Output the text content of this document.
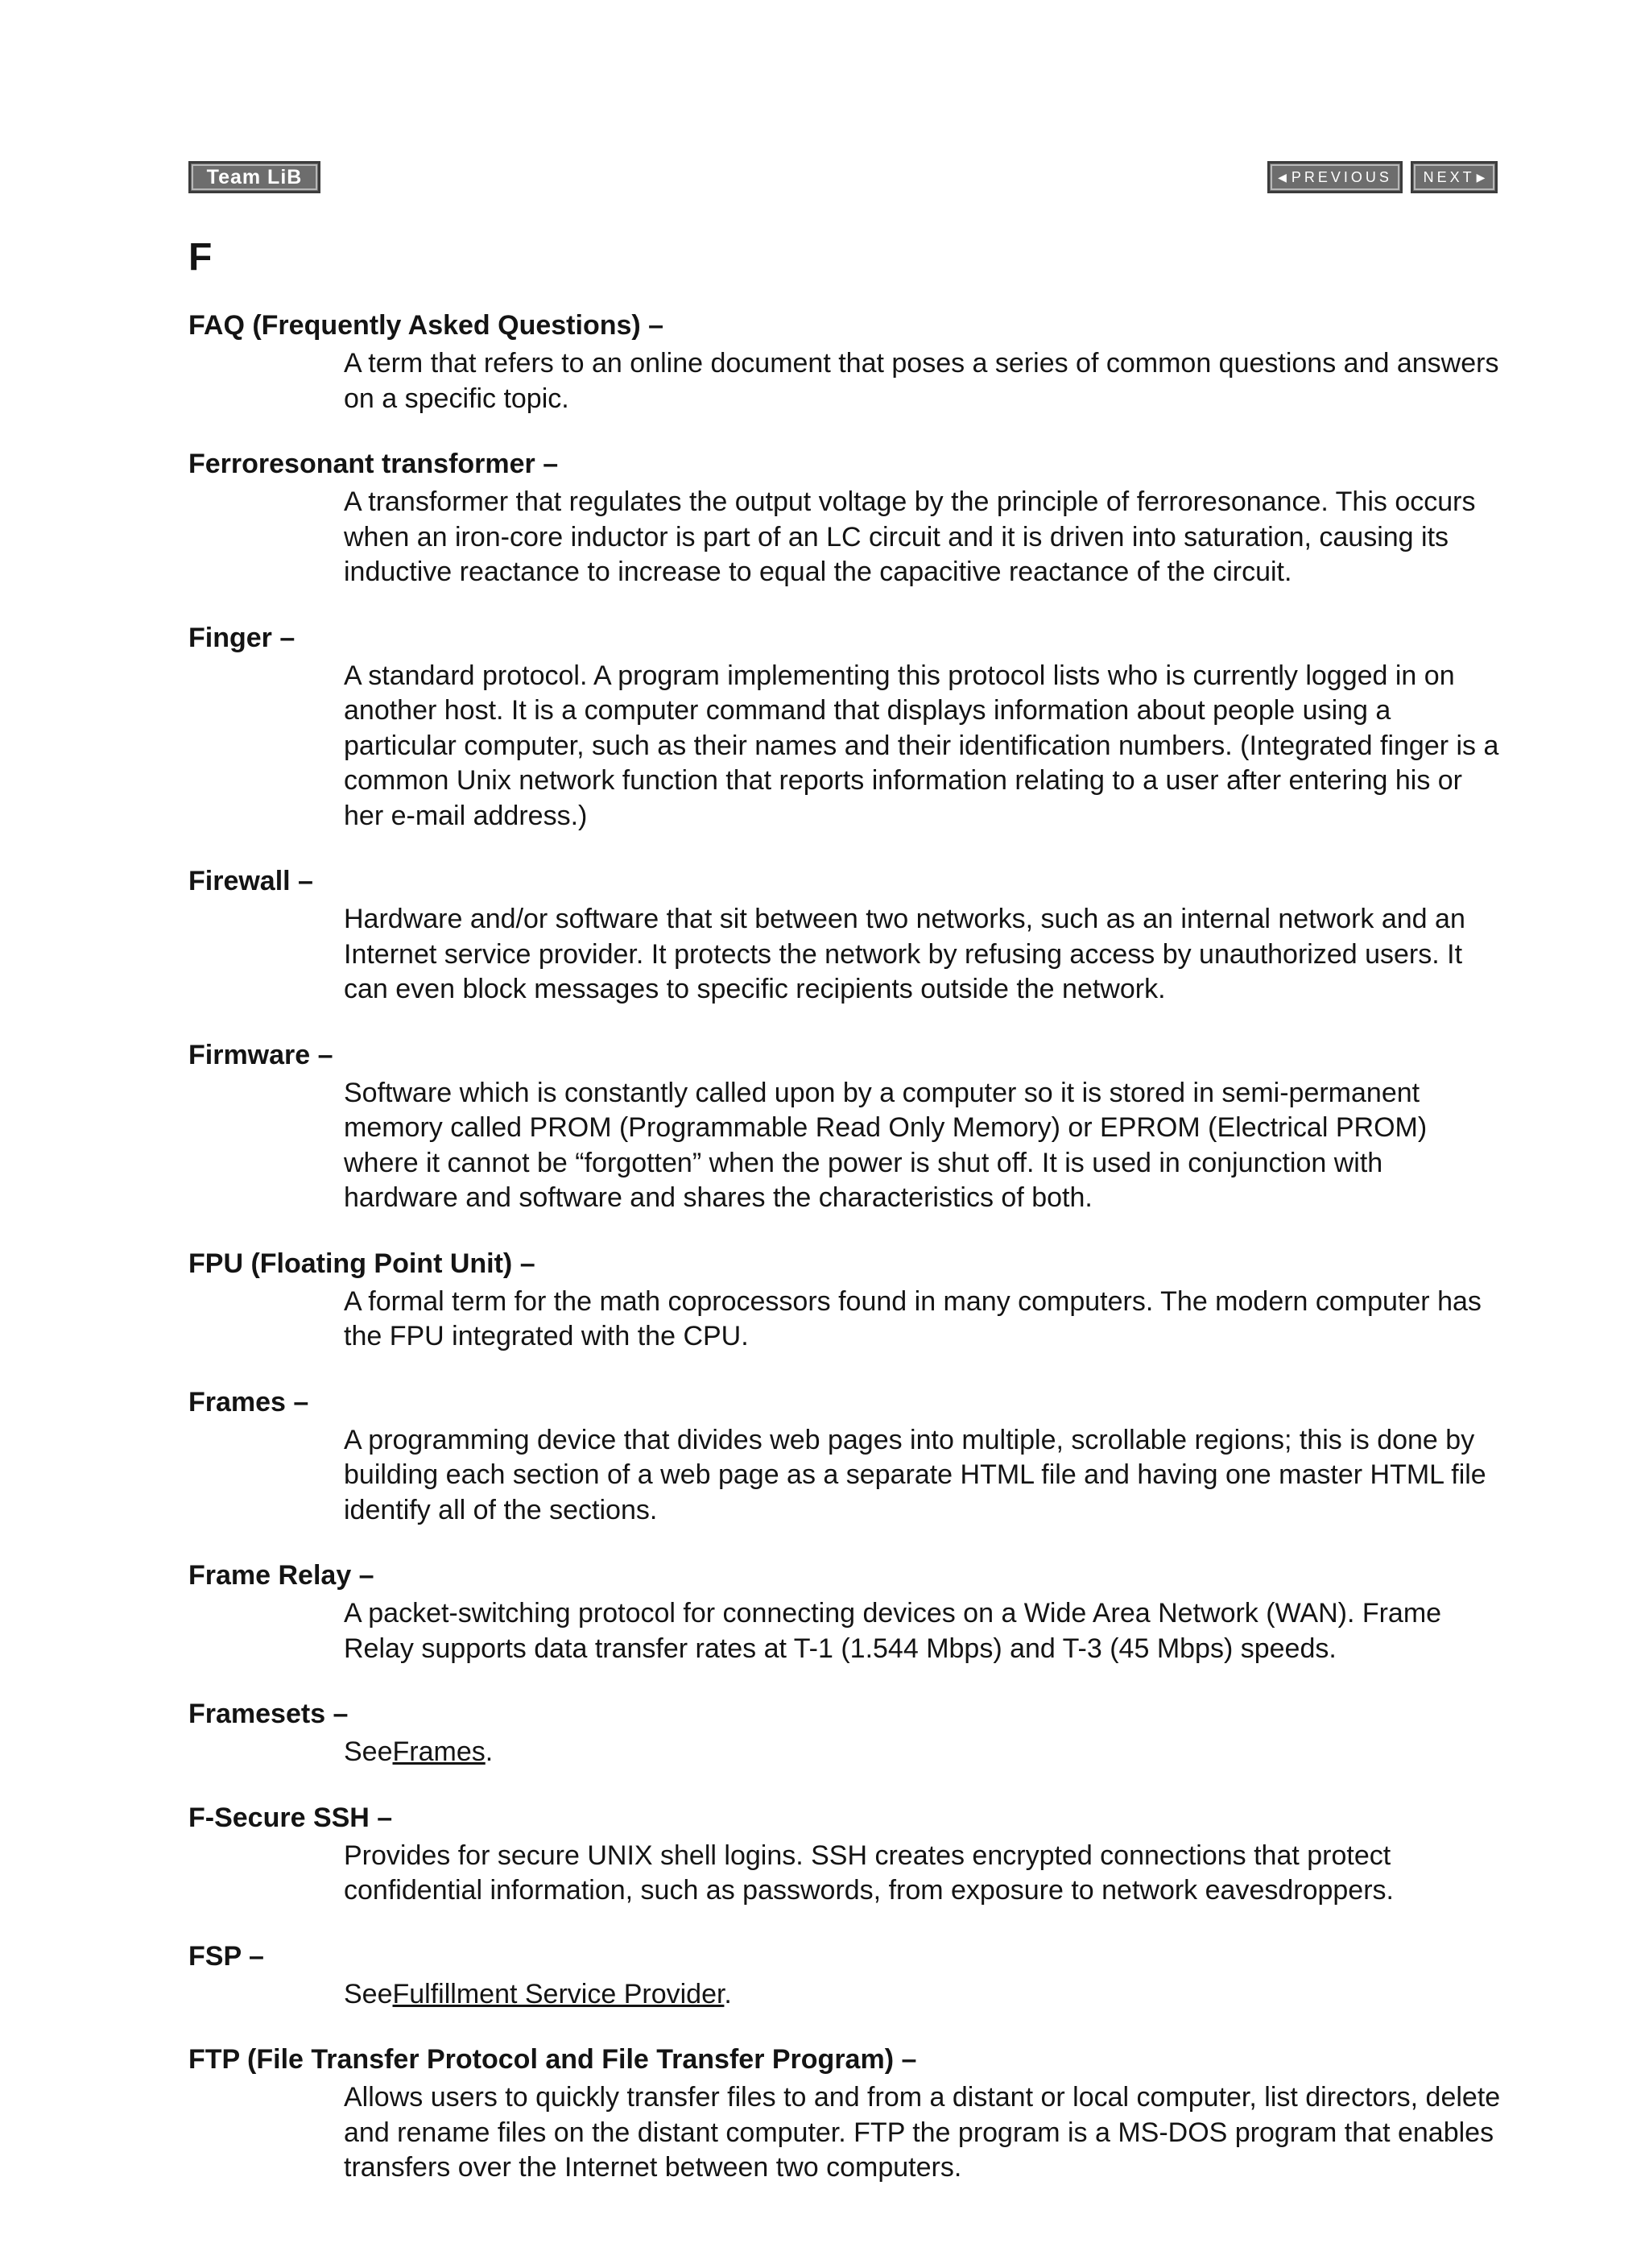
Team LiB	◀ PREVIOUS	NEXT ▶
F

FAQ (Frequently Asked Questions) –

A term that refers to an online document that poses a series of common questions and answers on a specific topic.

Ferroresonant transformer –

A transformer that regulates the output voltage by the principle of ferroresonance. This occurs when an iron-core inductor is part of an LC circuit and it is driven into saturation, causing its inductive reactance to increase to equal the capacitive reactance of the circuit.

Finger –

A standard protocol. A program implementing this protocol lists who is currently logged in on another host. It is a computer command that displays information about people using a particular computer, such as their names and their identification numbers. (Integrated finger is a common Unix network function that reports information relating to a user after entering his or her e-mail address.)

Firewall –

Hardware and/or software that sit between two networks, such as an internal network and an Internet service provider. It protects the network by refusing access by unauthorized users. It can even block messages to specific recipients outside the network.

Firmware –

Software which is constantly called upon by a computer so it is stored in semi-permanent memory called PROM (Programmable Read Only Memory) or EPROM (Electrical PROM) where it cannot be “forgotten” when the power is shut off. It is used in conjunction with hardware and software and shares the characteristics of both.

FPU (Floating Point Unit) –

A formal term for the math coprocessors found in many computers. The modern computer has the FPU integrated with the CPU.

Frames –

A programming device that divides web pages into multiple, scrollable regions; this is done by building each section of a web page as a separate HTML file and having one master HTML file identify all of the sections.

Frame Relay –

A packet-switching protocol for connecting devices on a Wide Area Network (WAN). Frame Relay supports data transfer rates at T-1 (1.544 Mbps) and T-3 (45 Mbps) speeds.

Framesets –

SeeFrames.

F-Secure SSH –

Provides for secure UNIX shell logins. SSH creates encrypted connections that protect confidential information, such as passwords, from exposure to network eavesdroppers.

FSP –

SeeFulfillment Service Provider.

FTP (File Transfer Protocol and File Transfer Program) –

Allows users to quickly transfer files to and from a distant or local computer, list directors, delete and rename files on the distant computer. FTP the program is a MS-DOS program that enables transfers over the Internet between two computers.
